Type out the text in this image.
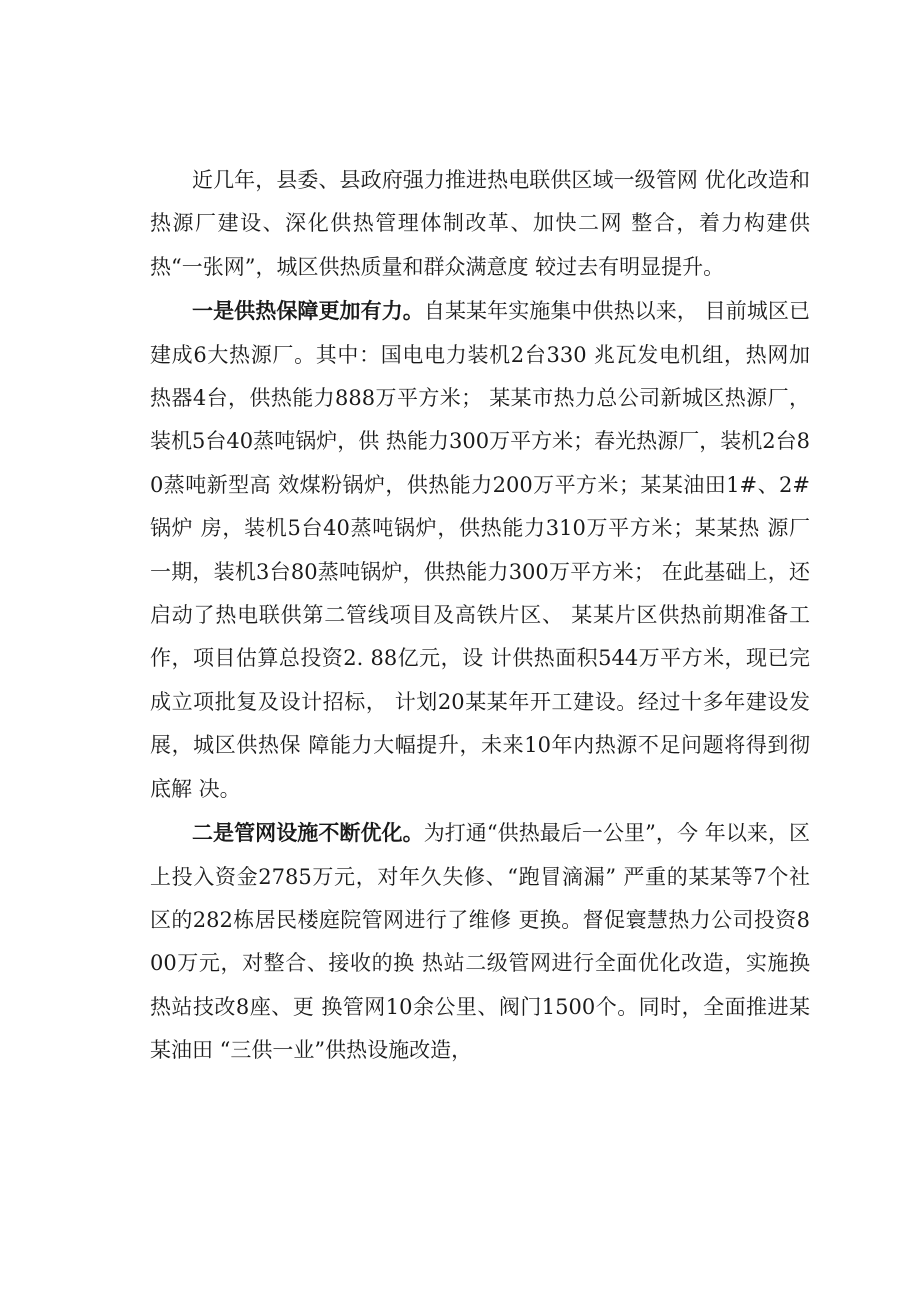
近几年，县委、县政府强力推进热电联供区域一级管网 优化改造和热源厂建设、深化供热管理体制改革、加快二网 整合，着力构建供热“一张网”，城区供热质量和群众满意度 较过去有明显提升。

一是供热保障更加有力。自某某年实施集中供热以来， 目前城区已建成6大热源厂。其中：国电电力装机2台330 兆瓦发电机组，热网加热器4台，供热能力888万平方米； 某某市热力总公司新城区热源厂，装机5台40蒸吨锅炉，供 热能力300万平方米；春光热源厂，装机2台80蒸吨新型高 效煤粉锅炉，供热能力200万平方米；某某油田1#、2#锅炉 房，装机5台40蒸吨锅炉，供热能力310万平方米；某某热 源厂一期，装机3台80蒸吨锅炉，供热能力300万平方米； 在此基础上，还启动了热电联供第二管线项目及高铁片区、 某某片区供热前期准备工作，项目估算总投资2. 88亿元，设 计供热面积544万平方米，现已完成立项批复及设计招标， 计划20某某年开工建设。经过十多年建设发展，城区供热保 障能力大幅提升，未来10年内热源不足问题将得到彻底解 决。

二是管网设施不断优化。为打通“供热最后一公里”，今 年以来，区上投入资金2785万元，对年久失修、“跑冒滴漏” 严重的某某等7个社区的282栋居民楼庭院管网进行了维修 更换。督促寰慧热力公司投资800万元，对整合、接收的换 热站二级管网进行全面优化改造，实施换热站技改8座、更 换管网10余公里、阀门1500个。同时，全面推进某某油田 “三供一业”供热设施改造，
